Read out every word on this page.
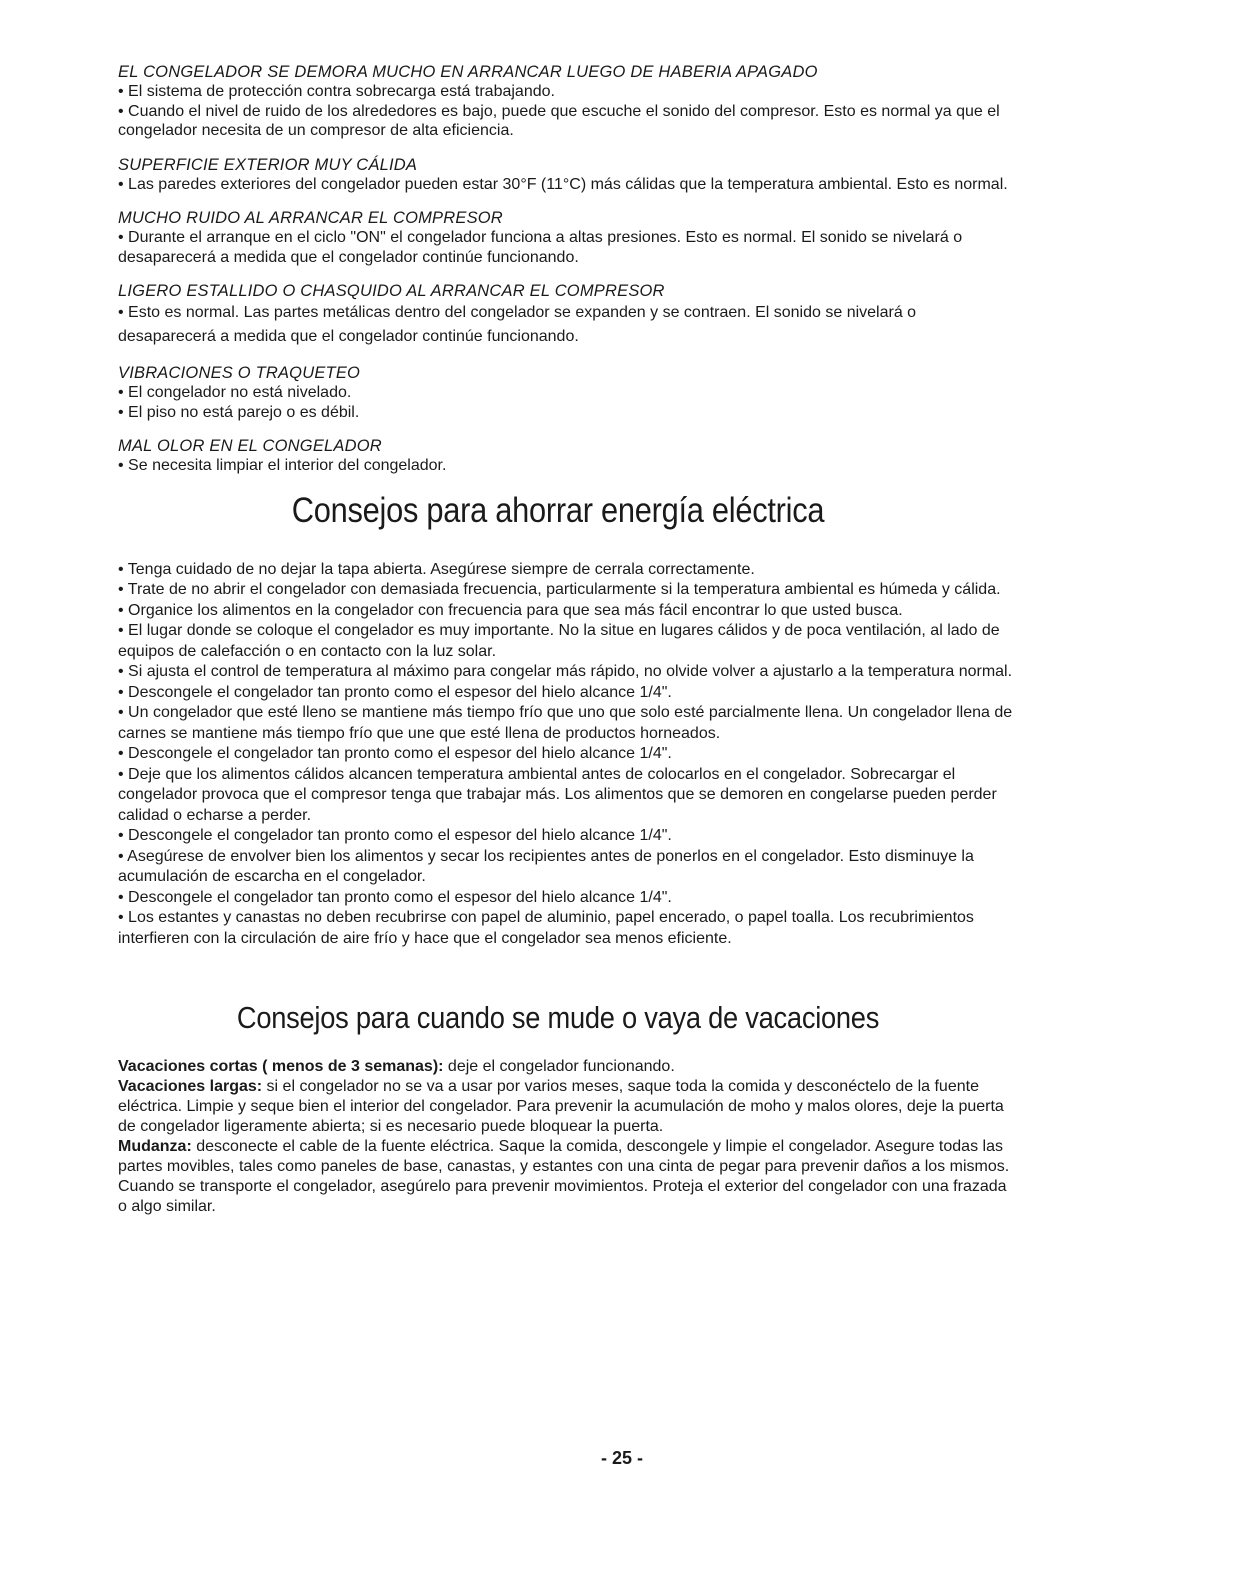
EL CONGELADOR SE DEMORA MUCHO EN ARRANCAR LUEGO DE HABERIA APAGADO
• El sistema de protección contra sobrecarga está trabajando.
• Cuando el nivel de ruido de los alrededores es bajo, puede que escuche el sonido del compresor. Esto es normal ya que el congelador necesita de un compresor de alta eficiencia.
SUPERFICIE EXTERIOR MUY CÁLIDA
• Las paredes exteriores del congelador pueden estar 30°F (11°C) más cálidas que la temperatura ambiental. Esto es normal.
MUCHO RUIDO AL ARRANCAR EL COMPRESOR
• Durante el arranque en el ciclo "ON" el congelador funciona a altas presiones. Esto es normal. El sonido se nivelará o desaparecerá a medida que el congelador continúe funcionando.
LIGERO ESTALLIDO O CHASQUIDO AL ARRANCAR EL COMPRESOR
• Esto es normal. Las partes metálicas dentro del congelador se expanden y se contraen. El sonido se nivelará o desaparecerá a medida que el congelador continúe funcionando.
VIBRACIONES O TRAQUETEO
• El congelador no está nivelado.
• El piso no está parejo o es débil.
MAL OLOR EN EL CONGELADOR
• Se necesita limpiar el interior del congelador.
Consejos para ahorrar energía eléctrica
• Tenga cuidado de no dejar la tapa abierta. Asegúrese siempre de cerrala correctamente.
• Trate de no abrir el congelador con demasiada frecuencia, particularmente si la temperatura ambiental es húmeda y cálida.
• Organice los alimentos en la congelador con frecuencia para que sea más fácil encontrar lo que usted busca.
• El lugar donde se coloque el congelador es muy importante. No la situe en lugares cálidos y de poca ventilación, al lado de equipos de calefacción o en contacto con la luz solar.
• Si ajusta el control de temperatura al máximo para congelar más rápido, no olvide volver a ajustarlo a la temperatura normal.
• Descongele el congelador tan pronto como el espesor del hielo alcance 1/4".
• Un congelador que esté lleno se mantiene más tiempo frío que uno que solo esté parcialmente llena. Un congelador llena de carnes se mantiene más tiempo frío que une que esté llena de productos horneados.
• Descongele el congelador tan pronto como el espesor del hielo alcance 1/4".
• Deje que los alimentos cálidos alcancen temperatura ambiental antes de colocarlos en el congelador. Sobrecargar el congelador provoca que el compresor tenga que trabajar más. Los alimentos que se demoren en congelarse pueden perder calidad o echarse a perder.
• Descongele el congelador tan pronto como el espesor del hielo alcance 1/4".
• Asegúrese de envolver bien los alimentos y secar los recipientes antes de ponerlos en el congelador. Esto disminuye la acumulación de escarcha en el congelador.
• Descongele el congelador tan pronto como el espesor del hielo alcance 1/4".
• Los estantes y canastas no deben recubrirse con papel de aluminio, papel encerado, o papel toalla. Los recubrimientos interfieren con la circulación de aire frío y hace que el congelador sea menos eficiente.
Consejos para cuando se mude o vaya de vacaciones
Vacaciones cortas ( menos de 3 semanas): deje el congelador funcionando.
Vacaciones largas: si el congelador no se va a usar por varios meses, saque toda la comida y desconéctelo de la fuente eléctrica. Limpie y seque bien el interior del congelador. Para prevenir la acumulación de moho y malos olores, deje la puerta de congelador ligeramente abierta; si es necesario puede bloquear la puerta.
Mudanza: desconecte el cable de la fuente eléctrica. Saque la comida, descongele y limpie el congelador. Asegure todas las partes movibles, tales como paneles de base, canastas, y estantes con una cinta de pegar para prevenir daños a los mismos. Cuando se transporte el congelador, asegúrelo para prevenir movimientos. Proteja el exterior del congelador con una frazada o algo similar.
- 25 -
